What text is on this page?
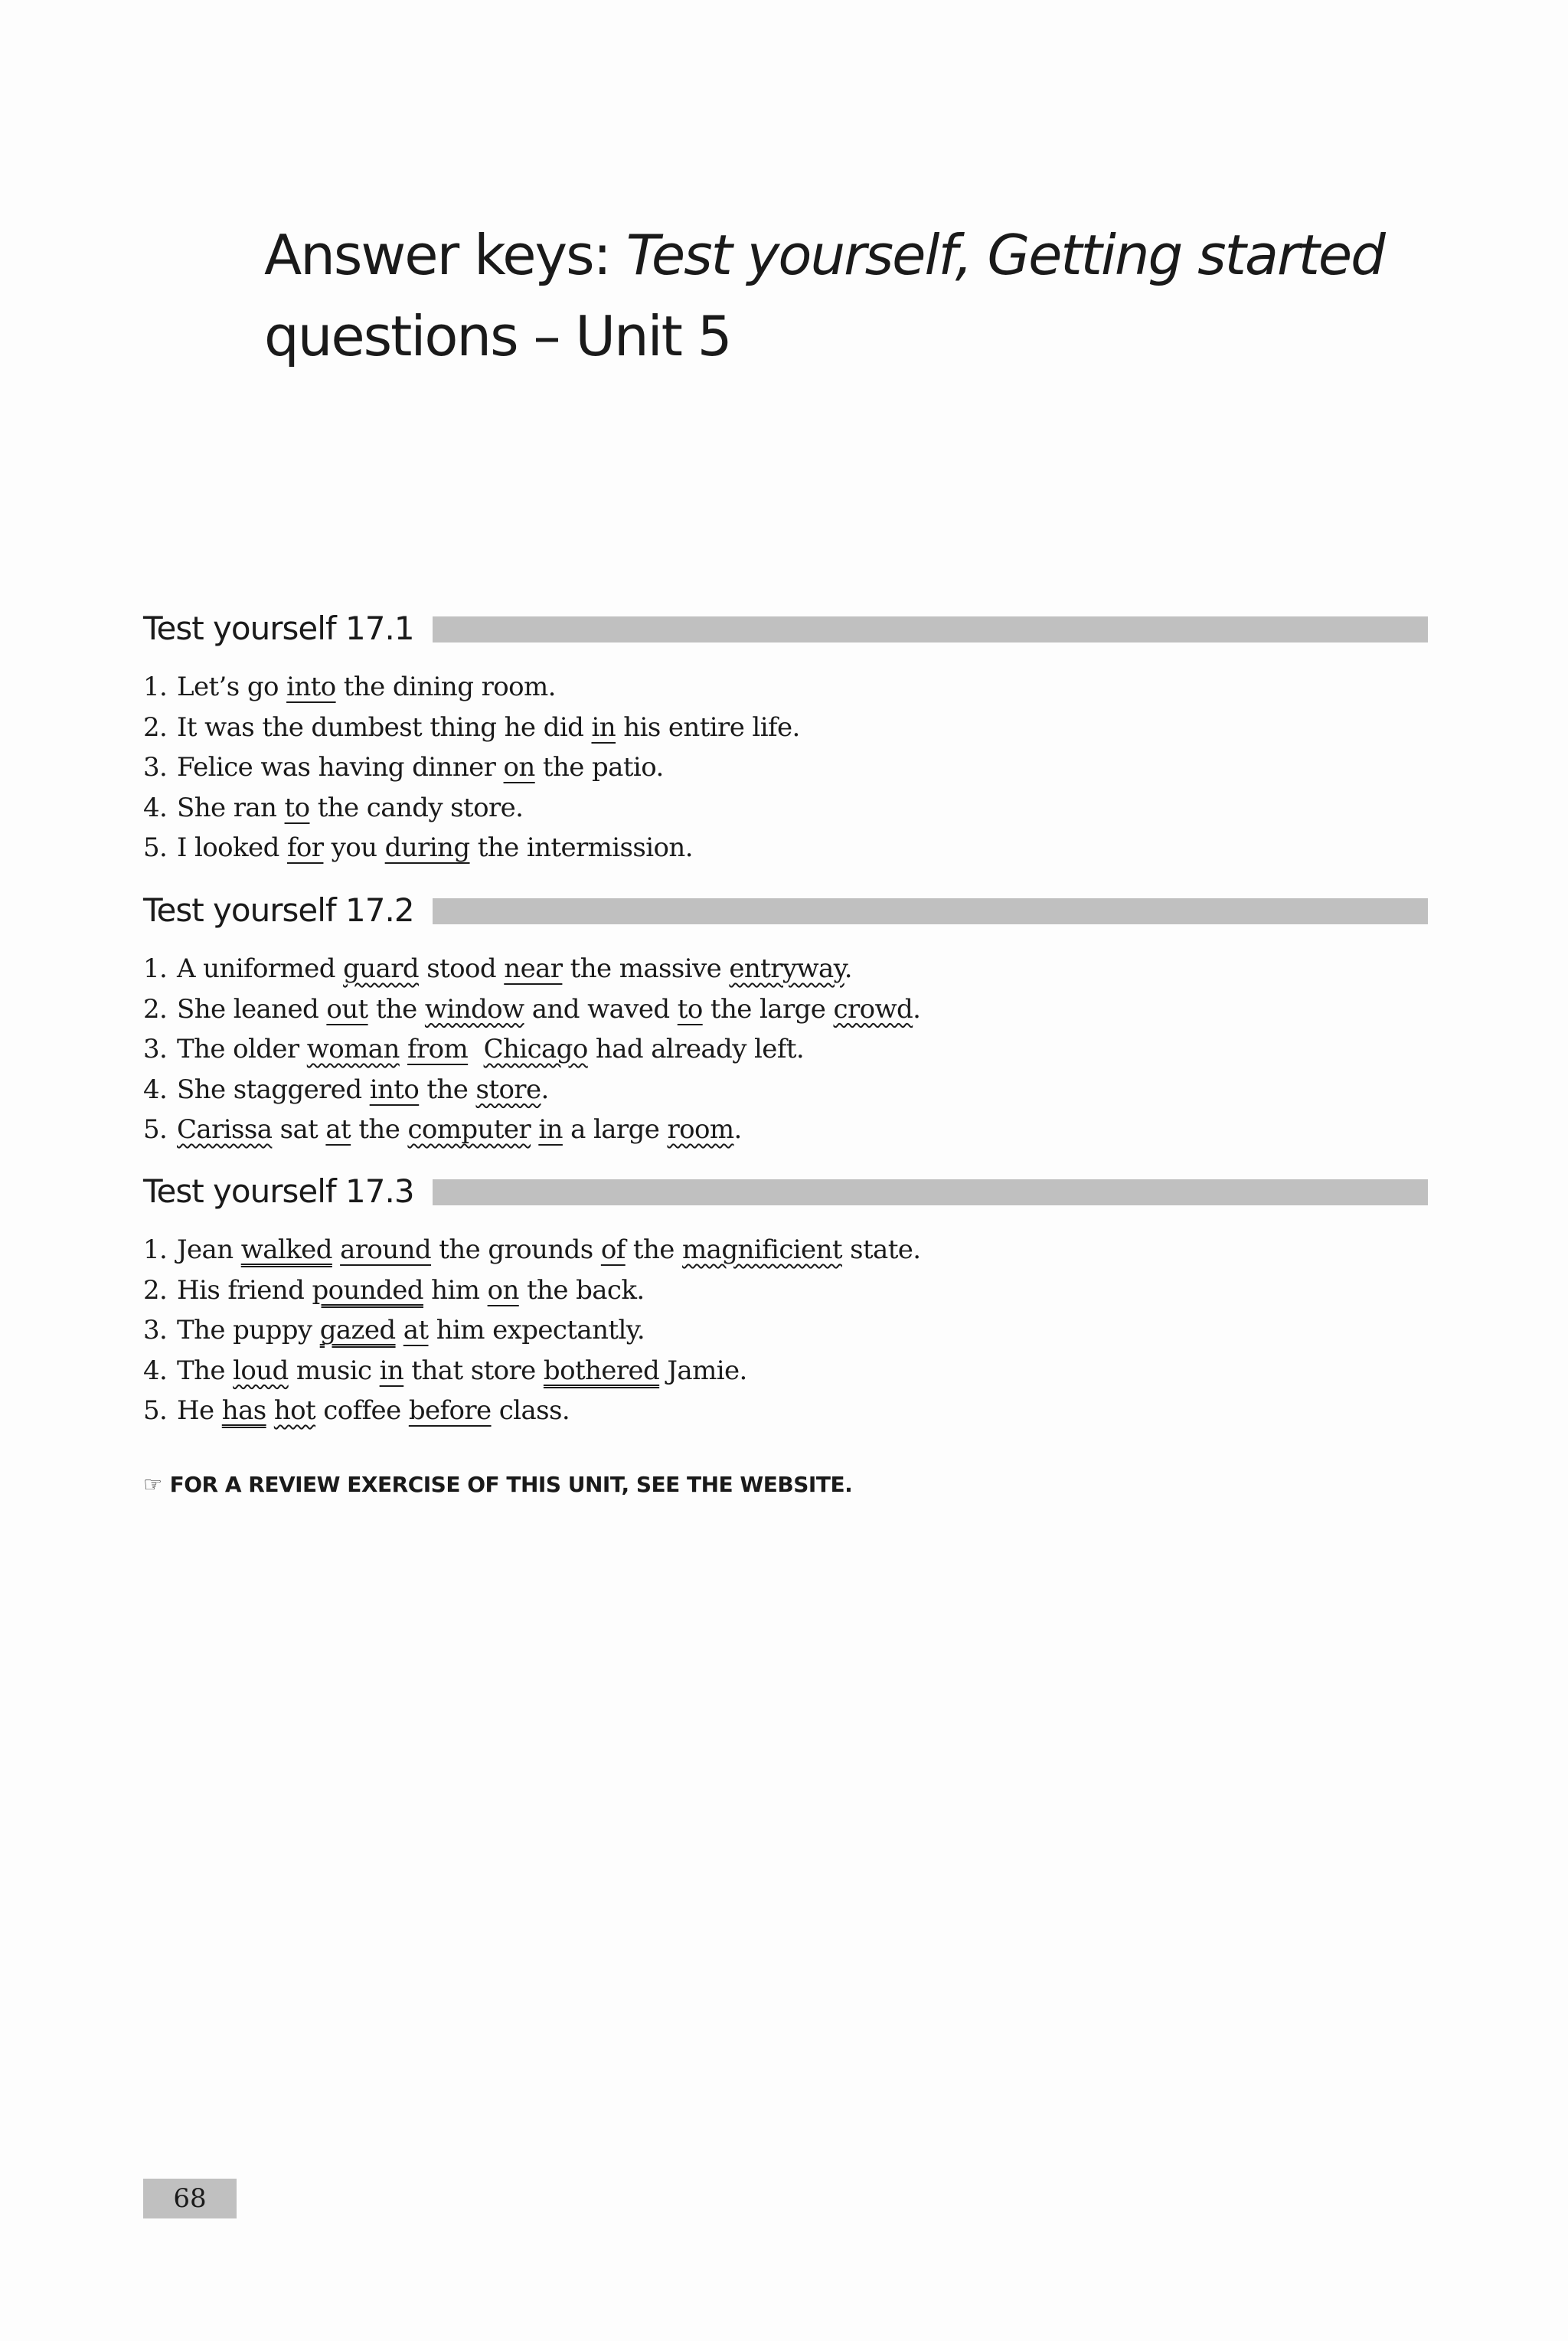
Answer keys: Test yourself, Getting started
questions – Unit 5
Test yourself 17.1
1. Let’s go into the dining room.
2. It was the dumbest thing he did in his entire life.
3. Felice was having dinner on the patio.
4. She ran to the candy store.
5. I looked for you during the intermission.
Test yourself 17.2
1. A uniformed guard stood near the massive entryway.
2. She leaned out the window and waved to the large crowd.
3. The older woman from Chicago had already left.
4. She staggered into the store.
5. Carissa sat at the computer in a large room.
Test yourself 17.3
1. Jean walked around the grounds of the magnificient state.
2. His friend pounded him on the back.
3. The puppy gazed at him expectantly.
4. The loud music in that store bothered Jamie.
5. He has hot coffee before class.
☞ FOR A REVIEW EXERCISE OF THIS UNIT, SEE THE WEBSITE.
68
